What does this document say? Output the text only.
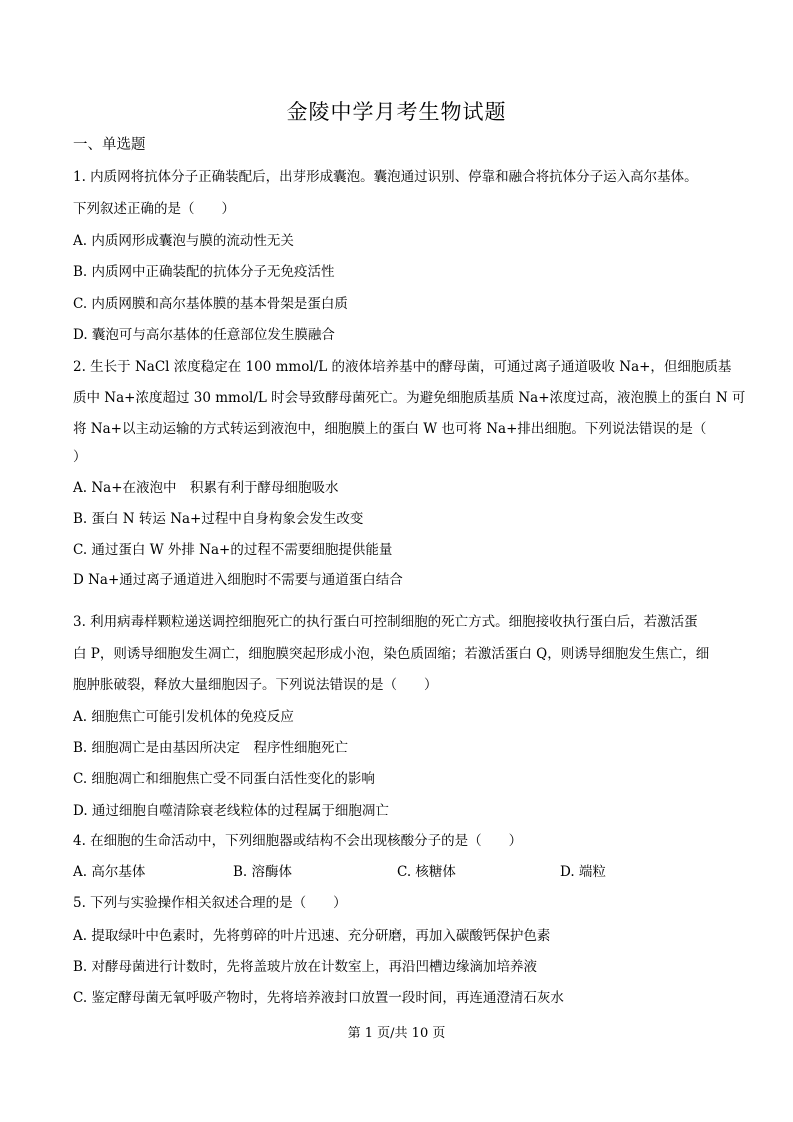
金陵中学月考生物试题
一、单选题
1. 内质网将抗体分子正确装配后，出芽形成囊泡。囊泡通过识别、停靠和融合将抗体分子运入高尔基体。
下列叙述正确的是（　　）
A. 内质网形成囊泡与膜的流动性无关
B. 内质网中正确装配的抗体分子无免疫活性
C. 内质网膜和高尔基体膜的基本骨架是蛋白质
D. 囊泡可与高尔基体的任意部位发生膜融合
2. 生长于 NaCl 浓度稳定在 100 mmol/L 的液体培养基中的酵母菌，可通过离子通道吸收 Na+，但细胞质基
质中 Na+浓度超过 30 mmol/L 时会导致酵母菌死亡。为避免细胞质基质 Na+浓度过高，液泡膜上的蛋白 N 可
将 Na+以主动运输的方式转运到液泡中，细胞膜上的蛋白 W 也可将 Na+排出细胞。下列说法错误的是（
）
A. Na+在液泡中　积累有利于酵母细胞吸水
B. 蛋白 N 转运 Na+过程中自身构象会发生改变
C. 通过蛋白 W 外排 Na+的过程不需要细胞提供能量
D Na+通过离子通道进入细胞时不需要与通道蛋白结合
3. 利用病毒样颗粒递送调控细胞死亡的执行蛋白可控制细胞的死亡方式。细胞接收执行蛋白后，若激活蛋
白 P，则诱导细胞发生凋亡，细胞膜突起形成小泡，染色质固缩；若激活蛋白 Q，则诱导细胞发生焦亡，细
胞肿胀破裂，释放大量细胞因子。下列说法错误的是（　　）
A. 细胞焦亡可能引发机体的免疫反应
B. 细胞凋亡是由基因所决定　程序性细胞死亡
C. 细胞凋亡和细胞焦亡受不同蛋白活性变化的影响
D. 通过细胞自噬清除衰老线粒体的过程属于细胞凋亡
4. 在细胞的生命活动中，下列细胞器或结构不会出现核酸分子的是（　　）
A. 高尔基体	B. 溶酶体	C. 核糖体	D. 端粒
5. 下列与实验操作相关叙述合理的是（　　）
A. 提取绿叶中色素时，先将剪碎的叶片迅速、充分研磨，再加入碳酸钙保护色素
B. 对酵母菌进行计数时，先将盖玻片放在计数室上，再沿凹槽边缘滴加培养液
C. 鉴定酵母菌无氧呼吸产物时，先将培养液封口放置一段时间，再连通澄清石灰水
第 1 页/共 10 页
